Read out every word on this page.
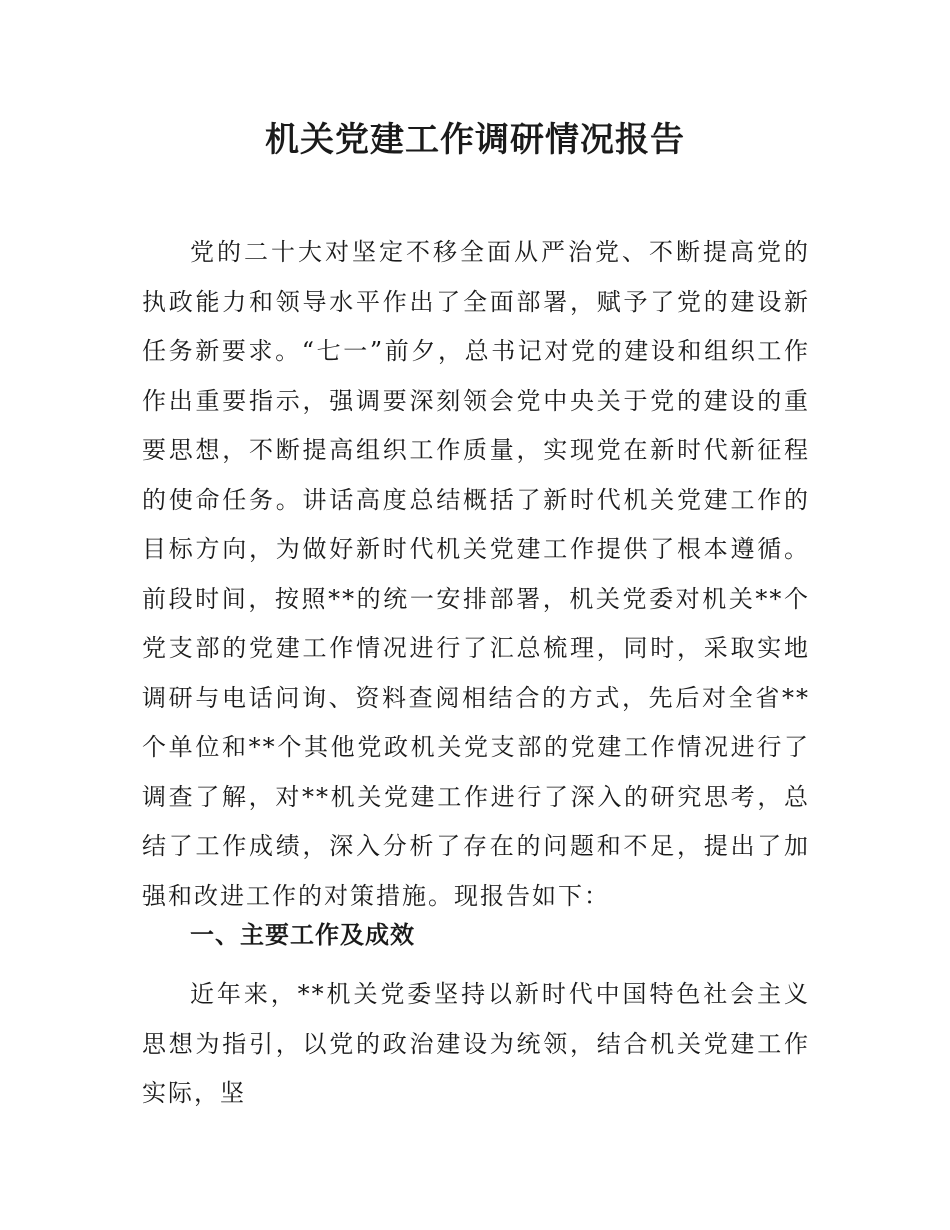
机关党建工作调研情况报告

党的二十大对坚定不移全面从严治党、不断提高党的执政能力和领导水平作出了全面部署，赋予了党的建设新任务新要求。“七一”前夕，总书记对党的建设和组织工作作出重要指示，强调要深刻领会党中央关于党的建设的重要思想，不断提高组织工作质量，实现党在新时代新征程的使命任务。讲话高度总结概括了新时代机关党建工作的目标方向，为做好新时代机关党建工作提供了根本遵循。前段时间，按照**的统一安排部署，机关党委对机关**个党支部的党建工作情况进行了汇总梳理，同时，采取实地调研与电话问询、资料查阅相结合的方式，先后对全省**个单位和**个其他党政机关党支部的党建工作情况进行了调查了解，对**机关党建工作进行了深入的研究思考，总结了工作成绩，深入分析了存在的问题和不足，提出了加强和改进工作的对策措施。现报告如下：

一、主要工作及成效

近年来，**机关党委坚持以新时代中国特色社会主义思想为指引，以党的政治建设为统领，结合机关党建工作实际，坚
